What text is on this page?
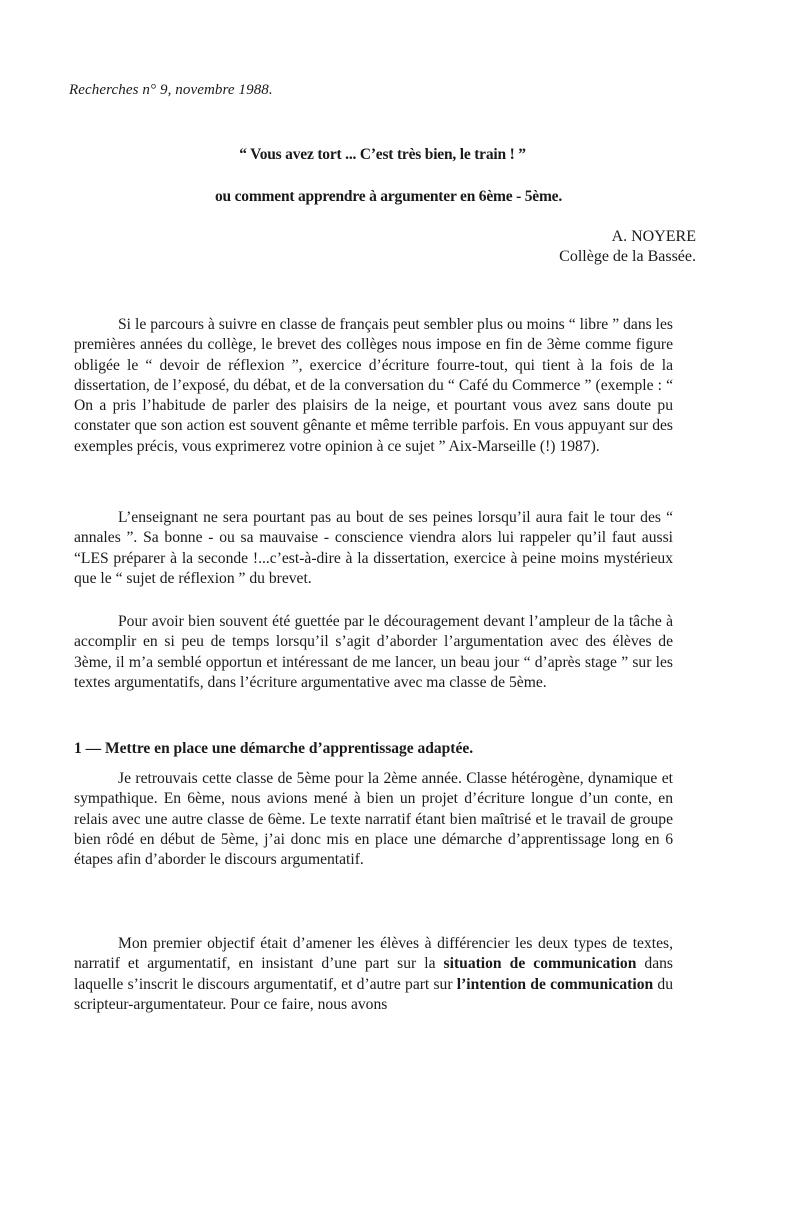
Recherches n° 9, novembre 1988.
“ Vous avez tort ... C’est très bien, le train ! ”
ou comment apprendre à argumenter en 6ème - 5ème.
A. NOYERE
Collège de la Bassée.

Si le parcours à suivre en classe de français peut sembler plus ou moins “ libre ” dans les premières années du collège, le brevet des collèges nous impose en fin de 3ème comme figure obligée le “ devoir de réflexion ”, exercice d’écriture fourre-tout, qui tient à la fois de la dissertation, de l’exposé, du débat, et de la conversation du “ Café du Commerce ” (exemple : “ On a pris l’habitude de parler des plaisirs de la neige, et pourtant vous avez sans doute pu constater que son action est souvent gênante et même terrible parfois. En vous appuyant sur des exemples précis, vous exprimerez votre opinion à ce sujet ” Aix-Marseille (!) 1987).

L’enseignant ne sera pourtant pas au bout de ses peines lorsqu’il aura fait le tour des “ annales ”. Sa bonne - ou sa mauvaise - conscience viendra alors lui rappeler qu’il faut aussi “LES préparer à la seconde !...c’est-à-dire à la dissertation, exercice à peine moins mystérieux que le “ sujet de réflexion ” du brevet.

Pour avoir bien souvent été guettée par le découragement devant l’ampleur de la tâche à accomplir en si peu de temps lorsqu’il s’agit d’aborder l’argumentation avec des élèves de 3ème, il m’a semblé opportun et intéressant de me lancer, un beau jour “ d’après stage ” sur les textes argumentatifs, dans l’écriture argumentative avec ma classe de 5ème.

1 — Mettre en place une démarche d’apprentissage adaptée.

Je retrouvais cette classe de 5ème pour la 2ème année. Classe hétérogène, dynamique et sympathique. En 6ème, nous avions mené à bien un projet d’écriture longue d’un conte, en relais avec une autre classe de 6ème. Le texte narratif étant bien maîtrisé et le travail de groupe bien rôdé en début de 5ème, j’ai donc mis en place une démarche d’apprentissage long en 6 étapes afin d’aborder le discours argumentatif.

Mon premier objectif était d’amener les élèves à différencier les deux types de textes, narratif et argumentatif, en insistant d’une part sur la situation de communication dans laquelle s’inscrit le discours argumentatif, et d’autre part sur l’intention de communication du scripteur-argumentateur. Pour ce faire, nous avons
